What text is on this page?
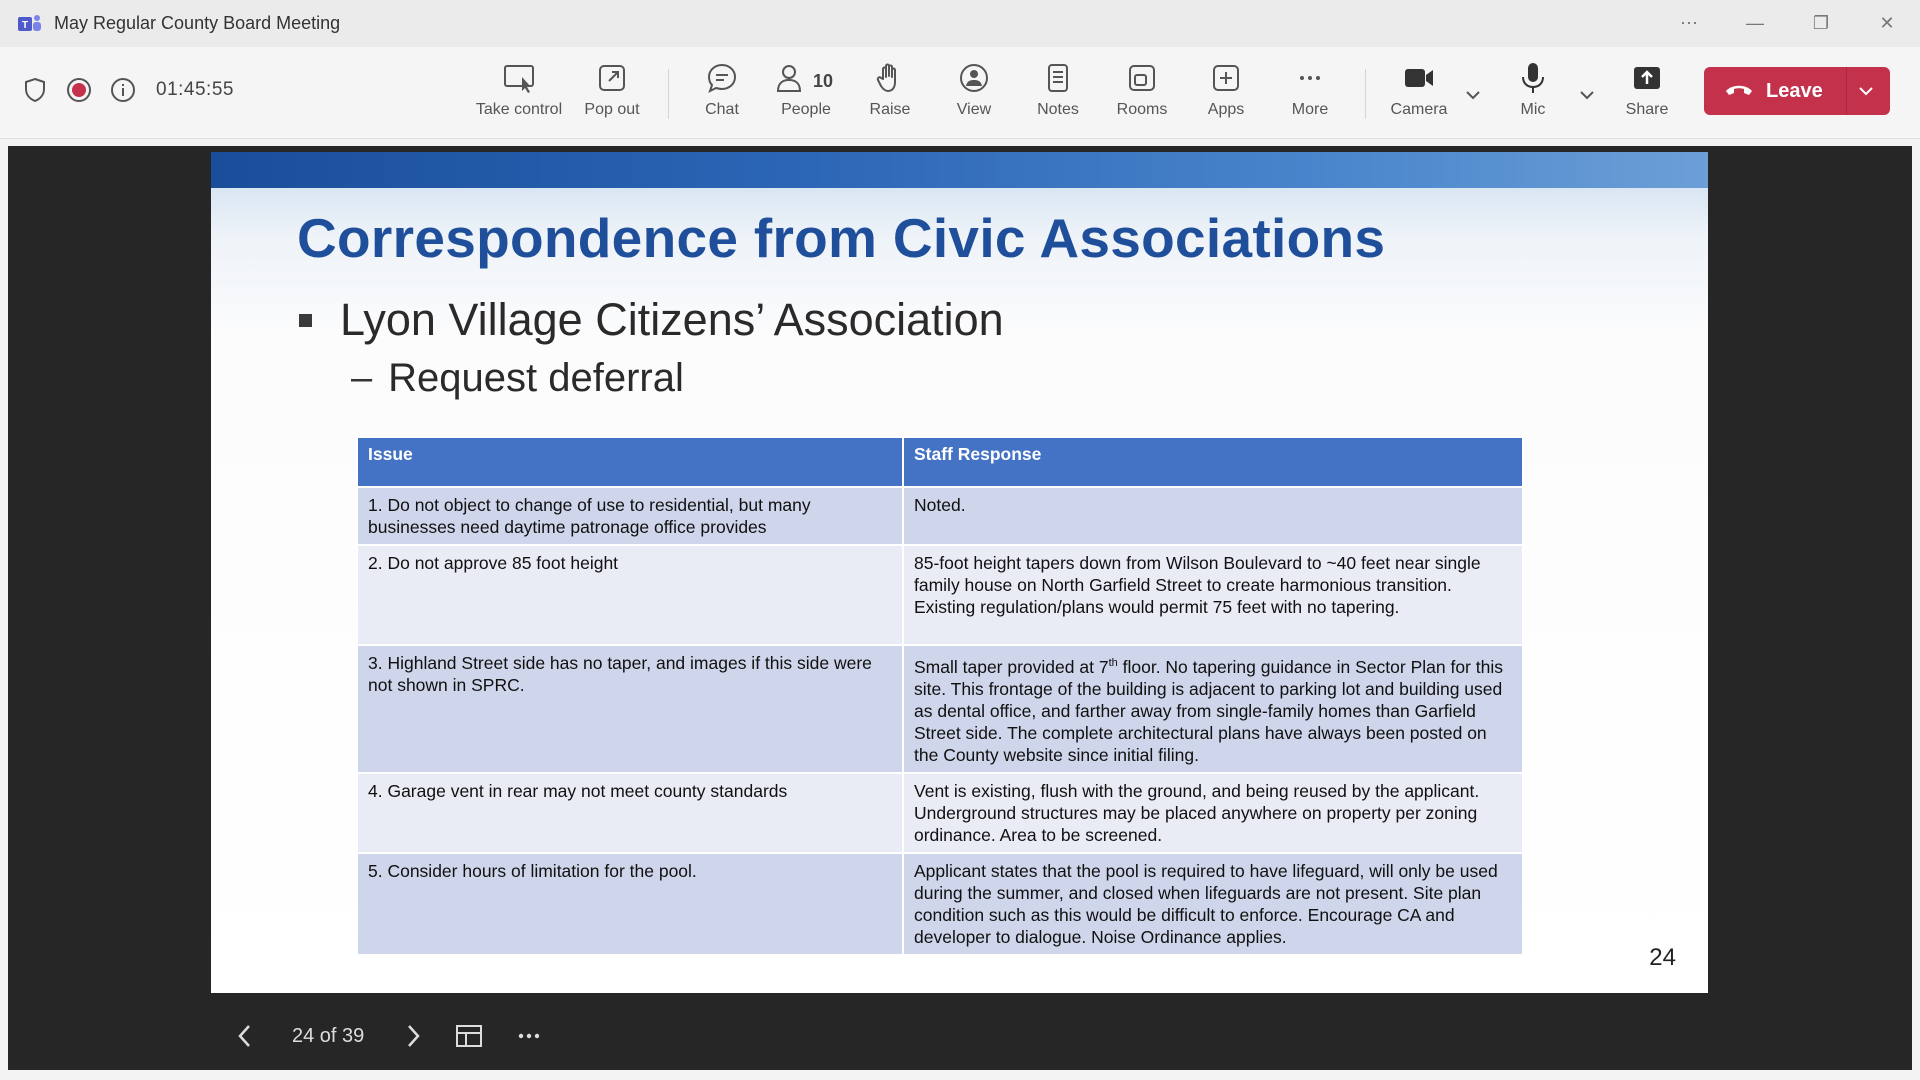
T May Regular County Board Meeting	⋯	—	❐	✕
01:45:55
Take control Pop out	Chat
10
People Raise	View	Notes Rooms	Apps	More	Camera	Mic	Share
Leave
Correspondence from Civic Associations
Lyon Village Citizens’ Association
– Request deferral
Issue	Staff Response
1. Do not object to change of use to residential, but many businesses need daytime patronage office provides	Noted.
2. Do not approve 85 foot height	85-foot height tapers down from Wilson Boulevard to ~40 feet near single family house on North Garfield Street to create harmonious transition. Existing regulation/plans would permit 75 feet with no tapering.
3. Highland Street side has no taper, and images if this side were not shown in SPRC.	Small taper provided at 7th floor. No tapering guidance in Sector Plan for this site. This frontage of the building is adjacent to parking lot and building used as dental office, and farther away from single-family homes than Garfield Street side. The complete architectural plans have always been posted on the County website since initial filing.
4. Garage vent in rear may not meet county standards	Vent is existing, flush with the ground, and being reused by the applicant. Underground structures may be placed anywhere on property per zoning ordinance. Area to be screened.
5. Consider hours of limitation for the pool.	Applicant states that the pool is required to have lifeguard, will only be used during the summer, and closed when lifeguards are not present. Site plan condition such as this would be difficult to enforce. Encourage CA and developer to dialogue. Noise Ordinance applies.
24
24 of 39
